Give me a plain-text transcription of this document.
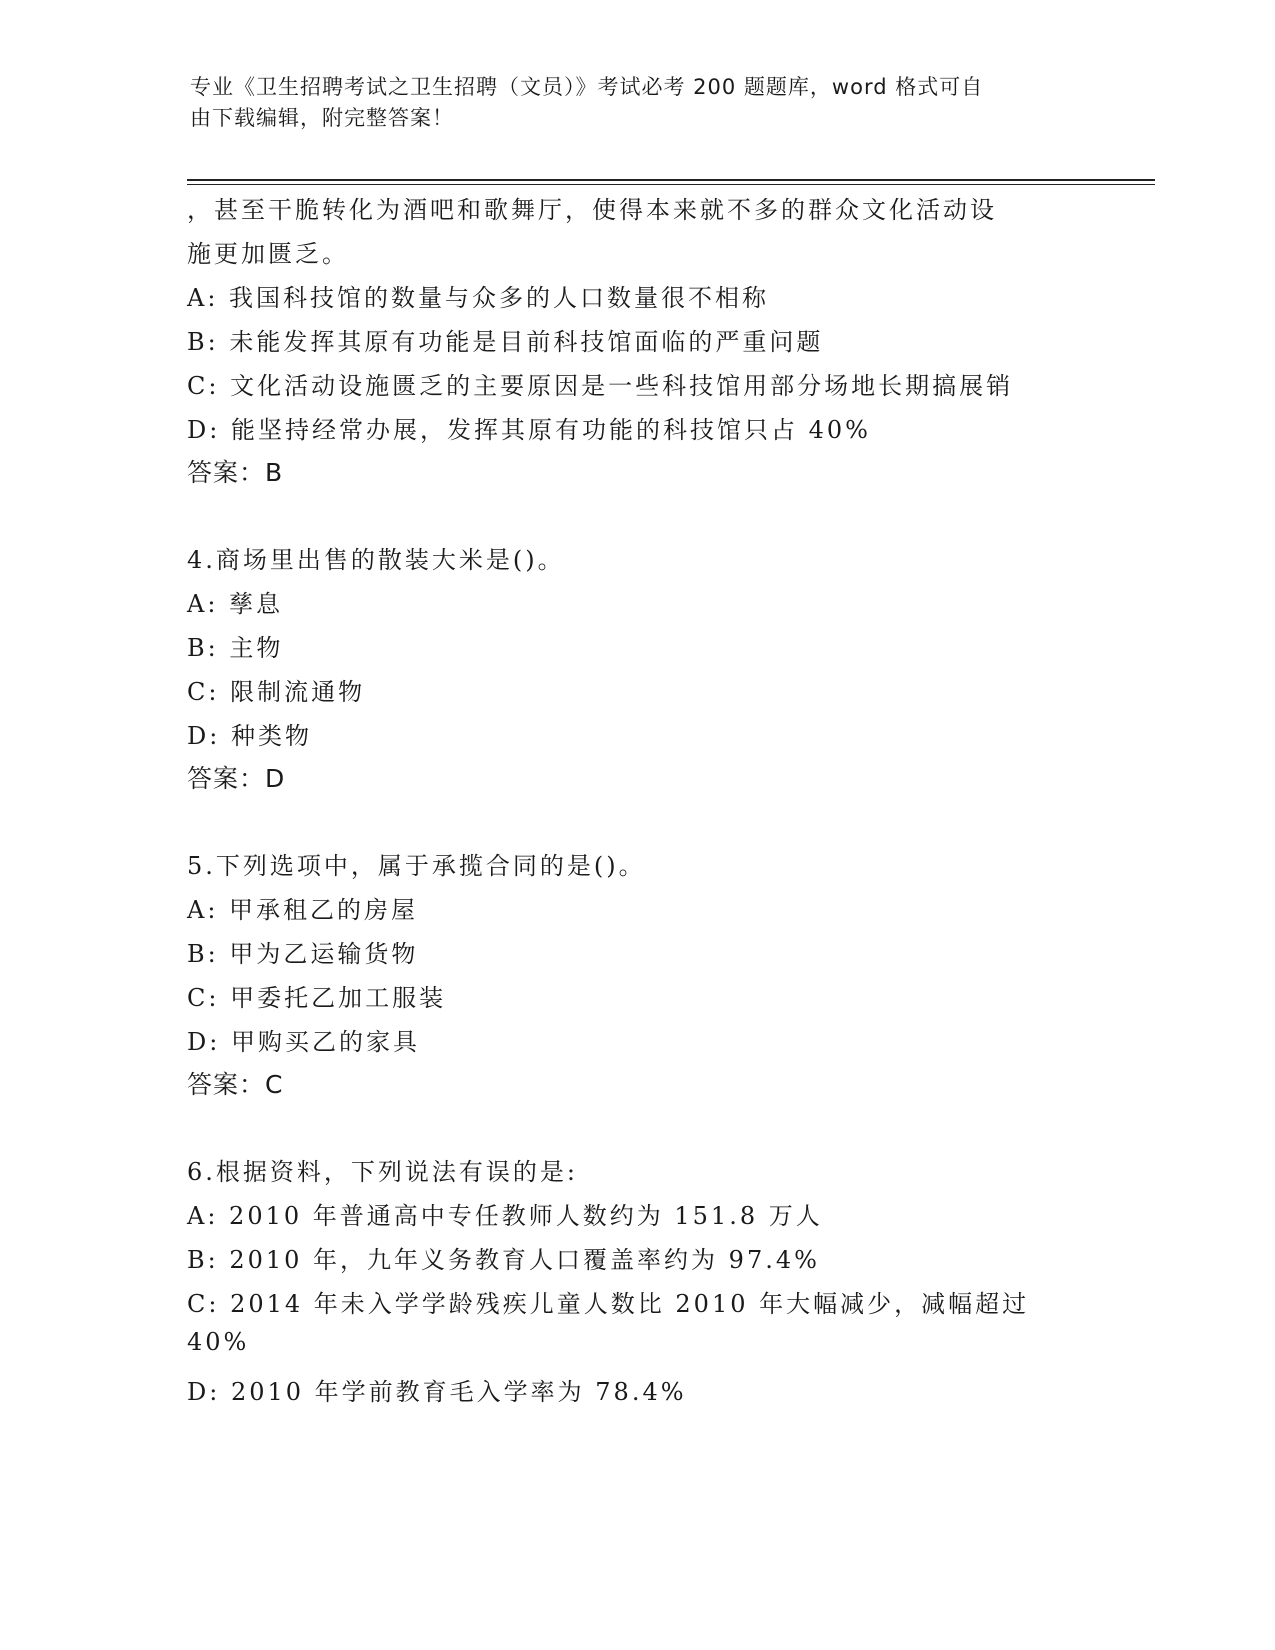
专业《卫生招聘考试之卫生招聘（文员）》考试必考 200 题题库，word 格式可自
由下载编辑，附完整答案！
，甚至干脆转化为酒吧和歌舞厅，使得本来就不多的群众文化活动设
施更加匮乏。
A: 我国科技馆的数量与众多的人口数量很不相称
B: 未能发挥其原有功能是目前科技馆面临的严重问题
C: 文化活动设施匮乏的主要原因是一些科技馆用部分场地长期搞展销
D: 能坚持经常办展，发挥其原有功能的科技馆只占 40%
答案：B
4.商场里出售的散装大米是()。
A: 孳息
B: 主物
C: 限制流通物
D: 种类物
答案：D
5.下列选项中，属于承揽合同的是()。
A: 甲承租乙的房屋
B: 甲为乙运输货物
C: 甲委托乙加工服装
D: 甲购买乙的家具
答案：C
6.根据资料，下列说法有误的是:
A: 2010 年普通高中专任教师人数约为 151.8 万人
B: 2010 年，九年义务教育人口覆盖率约为 97.4%
C: 2014 年未入学学龄残疾儿童人数比 2010 年大幅减少，减幅超过
40%
D: 2010 年学前教育毛入学率为 78.4%
